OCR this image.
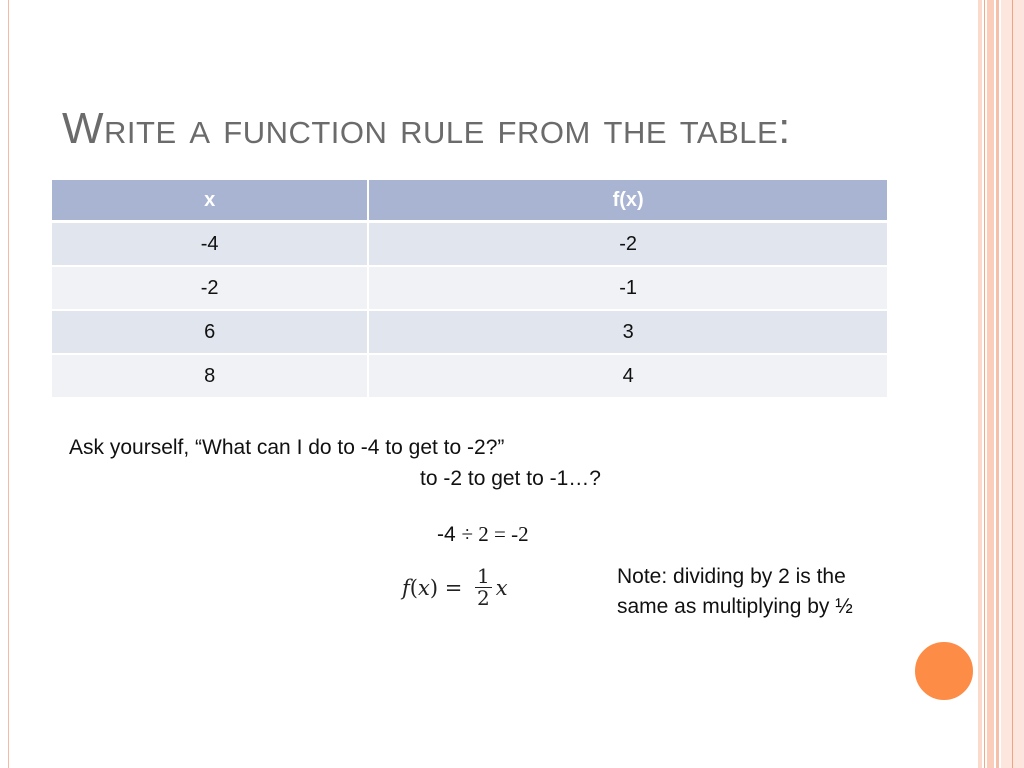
Write a function rule from the table:
x	f(x)
-4	-2
-2	-1
6	3
8	4
Ask yourself, “What can I do to -4 to get to -2?”
to -2 to get to -1…?
-4 ÷ 2 = -2
f ( x ) = $\frac{1}{2}$ x	Note: dividing by 2 is the same as multiplying by ½
